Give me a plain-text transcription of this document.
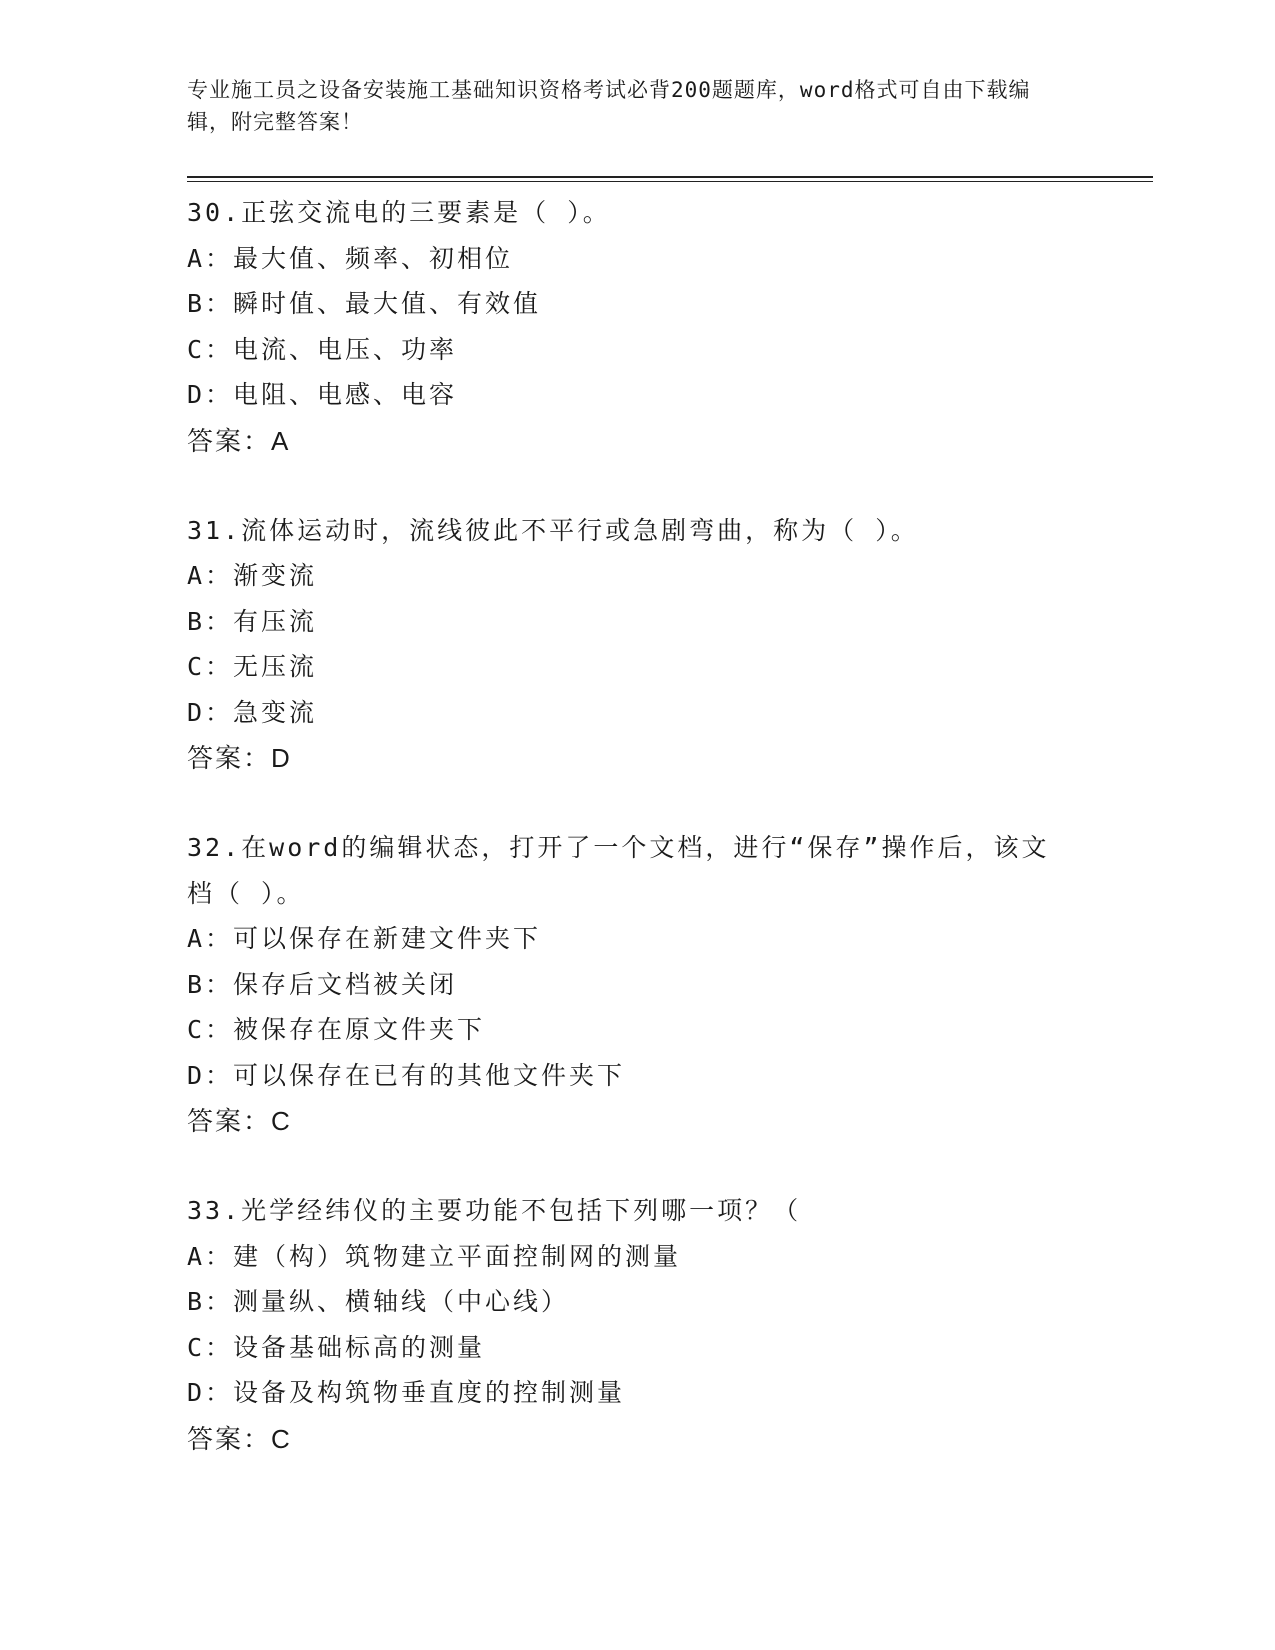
专业施工员之设备安装施工基础知识资格考试必背200题题库，word格式可自由下载编辑，附完整答案！
30.正弦交流电的三要素是（ ）。
A：最大值、频率、初相位
B：瞬时值、最大值、有效值
C：电流、电压、功率
D：电阻、电感、电容
答案：A
31.流体运动时，流线彼此不平行或急剧弯曲，称为（ ）。
A：渐变流
B：有压流
C：无压流
D：急变流
答案：D
32.在word的编辑状态，打开了一个文档，进行“保存”操作后，该文档（ ）。
A：可以保存在新建文件夹下
B：保存后文档被关闭
C：被保存在原文件夹下
D：可以保存在已有的其他文件夹下
答案：C
33.光学经纬仪的主要功能不包括下列哪一项？（
A：建（构）筑物建立平面控制网的测量
B：测量纵、横轴线（中心线）
C：设备基础标高的测量
D：设备及构筑物垂直度的控制测量
答案：C
